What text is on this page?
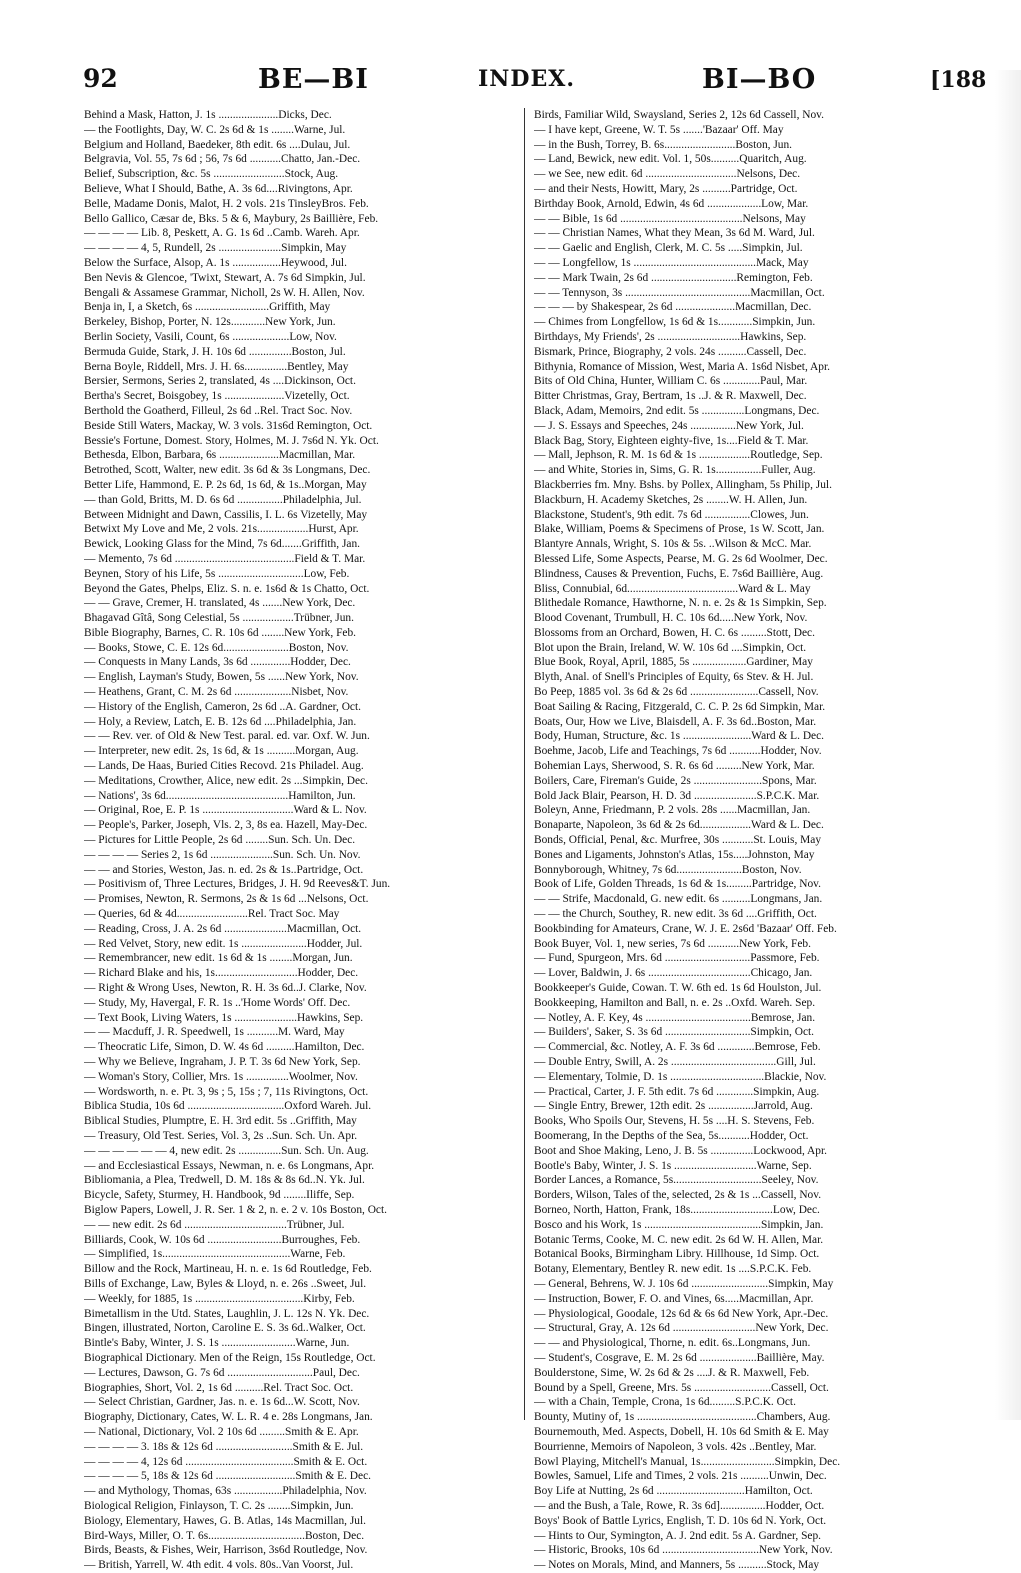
92	BE—BI	INDEX.	BI—BO	[188
Behind a Mask, Hatton, J. 1s .....................Dicks, Dec.
— the Footlights, Day, W. C. 2s 6d & 1s ........Warne, Jul.
Belgium and Holland, Baedeker, 8th edit. 6s ....Dulau, Jul.
Belgravia, Vol. 55, 7s 6d ; 56, 7s 6d ...........Chatto, Jan.-Dec.
Belief, Subscription, &c. 5s .........................Stock, Aug.
Believe, What I Should, Bathe, A. 3s 6d....Rivingtons, Apr.
Belle, Madame Donis, Malot, H. 2 vols. 21s TinsleyBros. Feb.
Bello Gallico, Cæsar de, Bks. 5 & 6, Maybury, 2s Baillière, Feb.
— — — — Lib. 8, Peskett, A. G. 1s 6d ..Camb. Wareh. Apr.
— — — — 4, 5, Rundell, 2s ......................Simpkin, May
Below the Surface, Alsop, A. 1s .................Heywood, Jul.
Ben Nevis & Glencoe, 'Twixt, Stewart, A. 7s 6d Simpkin, Jul.
Bengali & Assamese Grammar, Nicholl, 2s W. H. Allen, Nov.
Benja in, I, a Sketch, 6s ..........................Griffith, May
Berkeley, Bishop, Porter, N. 12s............New York, Jun.
Berlin Society, Vasili, Count, 6s ....................Low, Nov.
Bermuda Guide, Stark, J. H. 10s 6d ...............Boston, Jul.
Berna Boyle, Riddell, Mrs. J. H. 6s...............Bentley, May
Bersier, Sermons, Series 2, translated, 4s ....Dickinson, Oct.
Bertha's Secret, Boisgobey, 1s .....................Vizetelly, Oct.
Berthold the Goatherd, Filleul, 2s 6d ..Rel. Tract Soc. Nov.
Beside Still Waters, Mackay, W. 3 vols. 31s6d Remington, Oct.
Bessie's Fortune, Domest. Story, Holmes, M. J. 7s6d N. Yk. Oct.
Bethesda, Elbon, Barbara, 6s .....................Macmillan, Mar.
Betrothed, Scott, Walter, new edit. 3s 6d & 3s Longmans, Dec.
Better Life, Hammond, E. P. 2s 6d, 1s 6d, & 1s..Morgan, May
— than Gold, Britts, M. D. 6s 6d ................Philadelphia, Jul.
Between Midnight and Dawn, Cassilis, I. L. 6s Vizetelly, May
Betwixt My Love and Me, 2 vols. 21s..................Hurst, Apr.
Bewick, Looking Glass for the Mind, 7s 6d.......Griffith, Jan.
— Memento, 7s 6d ..........................................Field & T. Mar.
Beynen, Story of his Life, 5s ..............................Low, Feb.
Beyond the Gates, Phelps, Eliz. S. n. e. 1s6d & 1s Chatto, Oct.
— — Grave, Cremer, H. translated, 4s .......New York, Dec.
Bhagavad Gîtâ, Song Celestial, 5s ..................Trübner, Jun.
Bible Biography, Barnes, C. R. 10s 6d ........New York, Feb.
— Books, Stowe, C. E. 12s 6d.......................Boston, Nov.
— Conquests in Many Lands, 3s 6d ..............Hodder, Dec.
— English, Layman's Study, Bowen, 5s ......New York, Nov.
— Heathens, Grant, C. M. 2s 6d ....................Nisbet, Nov.
— History of the English, Cameron, 2s 6d ..A. Gardner, Oct.
— Holy, a Review, Latch, E. B. 12s 6d ....Philadelphia, Jan.
— — Rev. ver. of Old & New Test. paral. ed. var. Oxf. W. Jun.
— Interpreter, new edit. 2s, 1s 6d, & 1s ..........Morgan, Aug.
— Lands, De Haas, Buried Cities Recovd. 21s Philadel. Aug.
— Meditations, Crowther, Alice, new edit. 2s ...Simpkin, Dec.
— Nations', 3s 6d...........................................Hamilton, Jun.
— Original, Roe, E. P. 1s ................................Ward & L. Nov.
— People's, Parker, Joseph, Vls. 2, 3, 8s ea. Hazell, May-Dec.
— Pictures for Little People, 2s 6d ........Sun. Sch. Un. Dec.
— — — — Series 2, 1s 6d ......................Sun. Sch. Un. Nov.
— — and Stories, Weston, Jas. n. ed. 2s & 1s..Partridge, Oct.
— Positivism of, Three Lectures, Bridges, J. H. 9d Reeves&T. Jun.
— Promises, Newton, R. Sermons, 2s & 1s 6d ...Nelsons, Oct.
— Queries, 6d & 4d.........................Rel. Tract Soc. May
— Reading, Cross, J. A. 2s 6d ......................Macmillan, Oct.
— Red Velvet, Story, new edit. 1s .......................Hodder, Jul.
— Remembrancer, new edit. 1s 6d & 1s ........Morgan, Jun.
— Richard Blake and his, 1s.............................Hodder, Dec.
— Right & Wrong Uses, Newton, R. H. 3s 6d..J. Clarke, Nov.
— Study, My, Havergal, F. R. 1s ..'Home Words' Off. Dec.
— Text Book, Living Waters, 1s ......................Hawkins, Sep.
— — Macduff, J. R. Speedwell, 1s ...........M. Ward, May
— Theocratic Life, Simon, D. W. 4s 6d ..........Hamilton, Dec.
— Why we Believe, Ingraham, J. P. T. 3s 6d New York, Sep.
— Woman's Story, Collier, Mrs. 1s ...............Woolmer, Nov.
— Wordsworth, n. e. Pt. 3, 9s ; 5, 15s ; 7, 11s Rivingtons, Oct.
Biblica Studia, 10s 6d ..................................Oxford Wareh. Jul.
Biblical Studies, Plumptre, E. H. 3rd edit. 5s ..Griffith, May
— Treasury, Old Test. Series, Vol. 3, 2s ..Sun. Sch. Un. Apr.
— — — — — — 4, new edit. 2s ...............Sun. Sch. Un. Aug.
— and Ecclesiastical Essays, Newman, n. e. 6s Longmans, Apr.
Bibliomania, a Plea, Tredwell, D. M. 18s & 8s 6d..N. Yk. Jul.
Bicycle, Safety, Sturmey, H. Handbook, 9d ........Iliffe, Sep.
Biglow Papers, Lowell, J. R. Ser. 1 & 2, n. e. 2 v. 10s Boston, Oct.
— — new edit. 2s 6d ....................................Trübner, Jul.
Billiards, Cook, W. 10s 6d ..........................Burroughes, Feb.
— Simplified, 1s.............................................Warne, Feb.
Billow and the Rock, Martineau, H. n. e. 1s 6d Routledge, Feb.
Bills of Exchange, Law, Byles & Lloyd, n. e. 26s ..Sweet, Jul.
— Weekly, for 1885, 1s ......................................Kirby, Feb.
Bimetallism in the Utd. States, Laughlin, J. L. 12s N. Yk. Dec.
Bingen, illustrated, Norton, Caroline E. S. 3s 6d..Walker, Oct.
Bintle's Baby, Winter, J. S. 1s ..........................Warne, Jun.
Biographical Dictionary. Men of the Reign, 15s Routledge, Oct.
— Lectures, Dawson, G. 7s 6d ..............................Paul, Dec.
Biographies, Short, Vol. 2, 1s 6d ..........Rel. Tract Soc. Oct.
— Select Christian, Gardner, Jas. n. e. 1s 6d...W. Scott, Nov.
Biography, Dictionary, Cates, W. L. R. 4 e. 28s Longmans, Jan.
— National, Dictionary, Vol. 2 10s 6d .........Smith & E. Apr.
— — — — 3. 18s & 12s 6d ...........................Smith & E. Jul.
— — — — 4, 12s 6d ......................................Smith & E. Oct.
— — — — 5, 18s & 12s 6d ............................Smith & E. Dec.
— and Mythology, Thomas, 63s .................Philadelphia, Nov.
Biological Religion, Finlayson, T. C. 2s ........Simpkin, Jun.
Biology, Elementary, Hawes, G. B. Atlas, 14s Macmillan, Jul.
Bird-Ways, Miller, O. T. 6s..................................Boston, Dec.
Birds, Beasts, & Fishes, Weir, Harrison, 3s6d Routledge, Nov.
— British, Yarrell, W. 4th edit. 4 vols. 80s..Van Voorst, Jul.
Birds, Familiar Wild, Swaysland, Series 2, 12s 6d Cassell, Nov.
— I have kept, Greene, W. T. 5s .......'Bazaar' Off. May
— in the Bush, Torrey, B. 6s.........................Boston, Jun.
— Land, Bewick, new edit. Vol. 1, 50s..........Quaritch, Aug.
— we See, new edit. 6d ................................Nelsons, Dec.
— and their Nests, Howitt, Mary, 2s ..........Partridge, Oct.
Birthday Book, Arnold, Edwin, 4s 6d ...................Low, Mar.
— — Bible, 1s 6d ...........................................Nelsons, May
— — Christian Names, What they Mean, 3s 6d M. Ward, Jul.
— — Gaelic and English, Clerk, M. C. 5s .....Simpkin, Jul.
— — Longfellow, 1s ...........................................Mack, May
— — Mark Twain, 2s 6d ..............................Remington, Feb.
— — Tennyson, 3s ............................................Macmillan, Oct.
— — — by Shakespear, 2s 6d .....................Macmillan, Dec.
— Chimes from Longfellow, 1s 6d & 1s............Simpkin, Jun.
Birthdays, My Friends', 2s .............................Hawkins, Sep.
Bismark, Prince, Biography, 2 vols. 24s ..........Cassell, Dec.
Bithynia, Romance of Mission, West, Maria A. 1s6d Nisbet, Apr.
Bits of Old China, Hunter, William C. 6s .............Paul, Mar.
Bitter Christmas, Gray, Bertram, 1s ..J. & R. Maxwell, Dec.
Black, Adam, Memoirs, 2nd edit. 5s ...............Longmans, Dec.
— J. S. Essays and Speeches, 24s ................New York, Jul.
Black Bag, Story, Eighteen eighty-five, 1s....Field & T. Mar.
— Mall, Jephson, R. M. 1s 6d & 1s ..................Routledge, Sep.
— and White, Stories in, Sims, G. R. 1s................Fuller, Aug.
Blackberries fm. Mny. Bshs. by Pollex, Allingham, 5s Philip, Jul.
Blackburn, H. Academy Sketches, 2s ........W. H. Allen, Jun.
Blackstone, Student's, 9th edit. 7s 6d ................Clowes, Jun.
Blake, William, Poems & Specimens of Prose, 1s W. Scott, Jan.
Blantyre Annals, Wright, S. 10s & 5s. ..Wilson & McC. Mar.
Blessed Life, Some Aspects, Pearse, M. G. 2s 6d Woolmer, Dec.
Blindness, Causes & Prevention, Fuchs, E. 7s6d Baillière, Aug.
Bliss, Connubial, 6d.......................................Ward & L. May
Blithedale Romance, Hawthorne, N. n. e. 2s & 1s Simpkin, Sep.
Blood Covenant, Trumbull, H. C. 10s 6d.....New York, Nov.
Blossoms from an Orchard, Bowen, H. C. 6s .........Stott, Dec.
Blot upon the Brain, Ireland, W. W. 10s 6d ....Simpkin, Oct.
Blue Book, Royal, April, 1885, 5s ...................Gardiner, May
Blyth, Anal. of Snell's Principles of Equity, 6s Stev. & H. Jul.
Bo Peep, 1885 vol. 3s 6d & 2s 6d ........................Cassell, Nov.
Boat Sailing & Racing, Fitzgerald, C. C. P. 2s 6d Simpkin, Mar.
Boats, Our, How we Live, Blaisdell, A. F. 3s 6d..Boston, Mar.
Body, Human, Structure, &c. 1s ........................Ward & L. Dec.
Boehme, Jacob, Life and Teachings, 7s 6d ...........Hodder, Nov.
Bohemian Lays, Sherwood, S. R. 6s 6d .........New York, Mar.
Boilers, Care, Fireman's Guide, 2s ........................Spons, Mar.
Bold Jack Blair, Pearson, H. D. 3d ......................S.P.C.K. Mar.
Boleyn, Anne, Friedmann, P. 2 vols. 28s ......Macmillan, Jan.
Bonaparte, Napoleon, 3s 6d & 2s 6d..................Ward & L. Dec.
Bonds, Official, Penal, &c. Murfree, 30s ...........St. Louis, May
Bones and Ligaments, Johnston's Atlas, 15s.....Johnston, May
Bonnyborough, Whitney, 7s 6d.......................Boston, Nov.
Book of Life, Golden Threads, 1s 6d & 1s.........Partridge, Nov.
— — Strife, Macdonald, G. new edit. 6s ..........Longmans, Jan.
— — the Church, Southey, R. new edit. 3s 6d ....Griffith, Oct.
Bookbinding for Amateurs, Crane, W. J. E. 2s6d 'Bazaar' Off. Feb.
Book Buyer, Vol. 1, new series, 7s 6d ...........New York, Feb.
— Fund, Spurgeon, Mrs. 6d ..............................Passmore, Feb.
— Lover, Baldwin, J. 6s ....................................Chicago, Jan.
Bookkeeper's Guide, Cowan. T. W. 6th ed. 1s 6d Houlston, Jul.
Bookkeeping, Hamilton and Ball, n. e. 2s ..Oxfd. Wareh. Sep.
— Notley, A. F. Key, 4s .....................................Bemrose, Jan.
— Builders', Saker, S. 3s 6d ..............................Simpkin, Oct.
— Commercial, &c. Notley, A. F. 3s 6d .............Bemrose, Feb.
— Double Entry, Swill, A. 2s .....................................Gill, Jul.
— Elementary, Tolmie, D. 1s .................................Blackie, Nov.
— Practical, Carter, J. F. 5th edit. 7s 6d .............Simpkin, Aug.
— Single Entry, Brewer, 12th edit. 2s ................Jarrold, Aug.
Books, Who Spoils Our, Stevens, H. 5s ....H. S. Stevens, Feb.
Boomerang, In the Depths of the Sea, 5s...........Hodder, Oct.
Boot and Shoe Making, Leno, J. B. 5s ...............Lockwood, Apr.
Bootle's Baby, Winter, J. S. 1s .............................Warne, Sep.
Border Lances, a Romance, 5s...............................Seeley, Nov.
Borders, Wilson, Tales of the, selected, 2s & 1s ...Cassell, Nov.
Borneo, North, Hatton, Frank, 18s.............................Low, Dec.
Bosco and his Work, 1s .........................................Simpkin, Jan.
Botanic Terms, Cooke, M. C. new edit. 2s 6d W. H. Allen, Mar.
Botanical Books, Birmingham Libry. Hillhouse, 1d Simp. Oct.
Botany, Elementary, Bentley R. new edit. 1s ....S.P.C.K. Feb.
— General, Behrens, W. J. 10s 6d ...........................Simpkin, May
— Instruction, Bower, F. O. and Vines, 6s.....Macmillan, Apr.
— Physiological, Goodale, 12s 6d & 6s 6d New York, Apr.-Dec.
— Structural, Gray, A. 12s 6d .............................New York, Dec.
— — and Physiological, Thorne, n. edit. 6s..Longmans, Jun.
— Student's, Cosgrave, E. M. 2s 6d ....................Baillière, May.
Boulderstone, Sime, W. 2s 6d & 2s ....J. & R. Maxwell, Feb.
Bound by a Spell, Greene, Mrs. 5s ...........................Cassell, Oct.
— with a Chain, Temple, Crona, 1s 6d.........S.P.C.K. Oct.
Bounty, Mutiny of, 1s ..........................................Chambers, Aug.
Bournemouth, Med. Aspects, Dobell, H. 10s 6d Smith & E. May
Bourrienne, Memoirs of Napoleon, 3 vols. 42s ..Bentley, Mar.
Bowl Playing, Mitchell's Manual, 1s..........................Simpkin, Dec.
Bowles, Samuel, Life and Times, 2 vols. 21s ..........Unwin, Dec.
Boy Life at Nutting, 2s 6d ...............................Hamilton, Oct.
— and the Bush, a Tale, Rowe, R. 3s 6d]................Hodder, Oct.
Boys' Book of Battle Lyrics, English, T. D. 10s 6d N. York, Oct.
— Hints to Our, Symington, A. J. 2nd edit. 5s A. Gardner, Sep.
— Historic, Brooks, 10s 6d ..................................New York, Nov.
— Notes on Morals, Mind, and Manners, 5s ..........Stock, May
